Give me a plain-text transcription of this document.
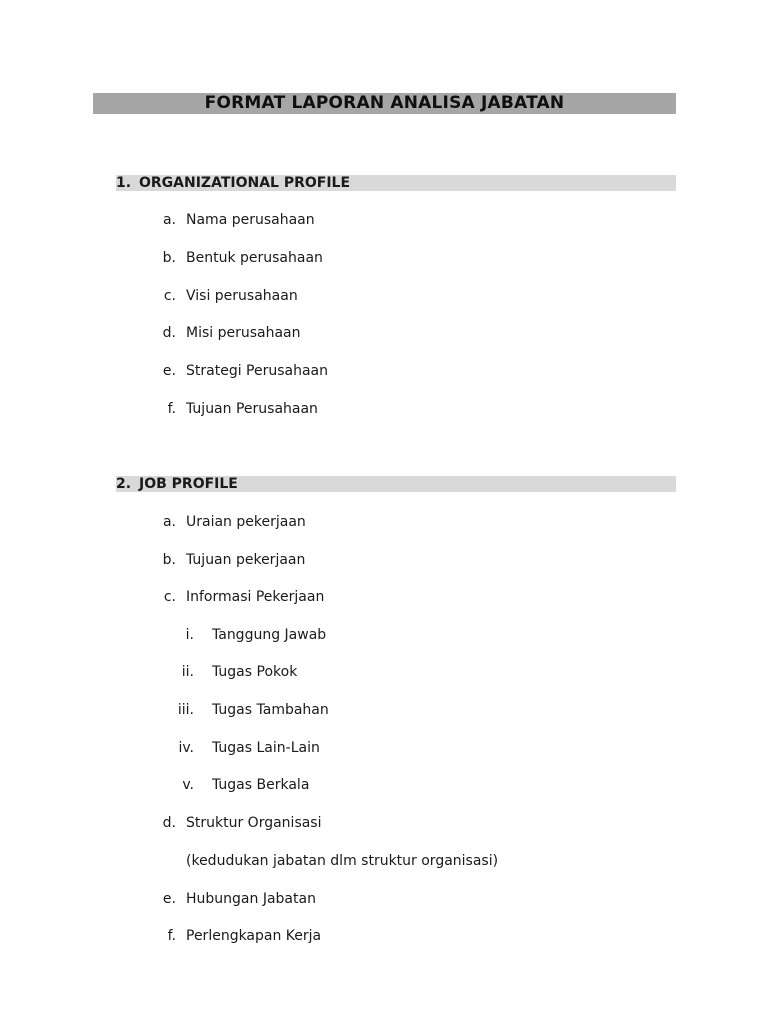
FORMAT LAPORAN ANALISA JABATAN
1. ORGANIZATIONAL PROFILE
a. Nama perusahaan
b. Bentuk perusahaan
c. Visi perusahaan
d. Misi perusahaan
e. Strategi Perusahaan
f. Tujuan Perusahaan
2. JOB PROFILE
a. Uraian pekerjaan
b. Tujuan pekerjaan
c. Informasi Pekerjaan
i. Tanggung Jawab
ii. Tugas Pokok
iii. Tugas Tambahan
iv. Tugas Lain-Lain
v. Tugas Berkala
d. Struktur Organisasi
(kedudukan jabatan dlm struktur organisasi)
e. Hubungan Jabatan
f. Perlengkapan Kerja
